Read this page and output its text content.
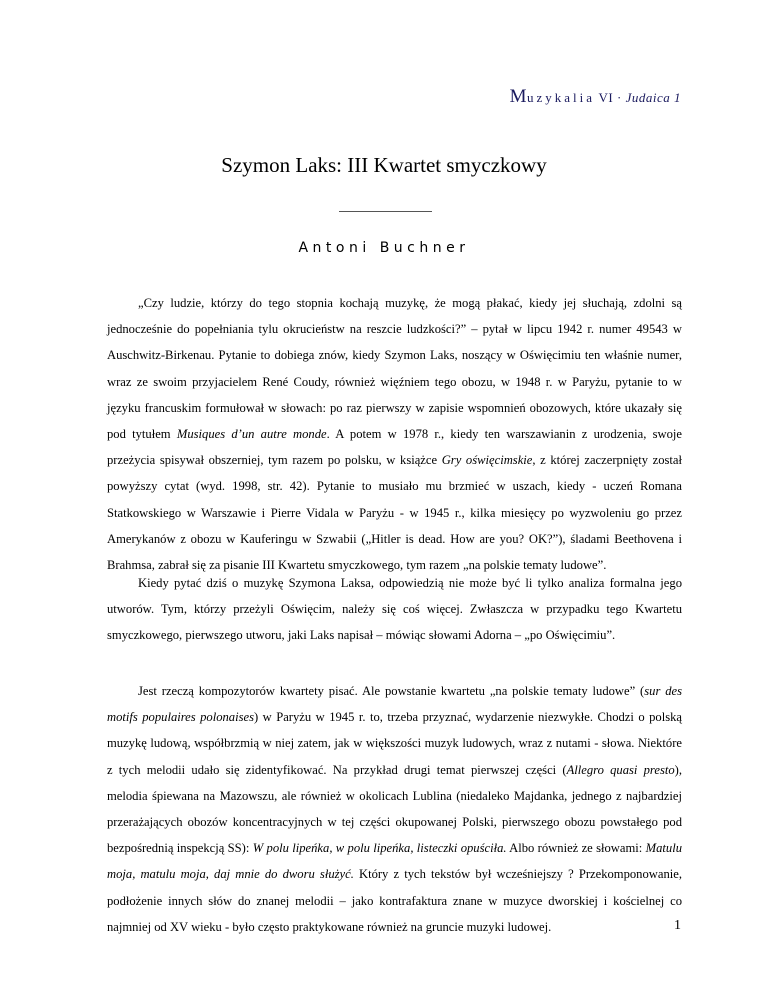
Muzykalia VI · Judaica 1
Szymon Laks: III Kwartet smyczkowy
Antoni Buchner

„Czy ludzie, którzy do tego stopnia kochają muzykę, że mogą płakać, kiedy jej słuchają, zdolni są jednocześnie do popełniania tylu okrucieństw na reszcie ludzkości?” – pytał w lipcu 1942 r. numer 49543 w Auschwitz-Birkenau. Pytanie to dobiega znów, kiedy Szymon Laks, noszący w Oświęcimiu ten właśnie numer, wraz ze swoim przyjacielem René Coudy, również więźniem tego obozu, w 1948 r. w Paryżu, pytanie to w języku francuskim formułował w słowach: po raz pierwszy w zapisie wspomnień obozowych, które ukazały się pod tytułem Musiques d’un autre monde. A potem w 1978 r., kiedy ten warszawianin z urodzenia, swoje przeżycia spisywał obszerniej, tym razem po polsku, w książce Gry oświęcimskie, z której zaczerpnięty został powyższy cytat (wyd. 1998, str. 42). Pytanie to musiało mu brzmieć w uszach, kiedy - uczeń Romana Statkowskiego w Warszawie i Pierre Vidala w Paryżu - w 1945 r., kilka miesięcy po wyzwoleniu go przez Amerykanów z obozu w Kauferingu w Szwabii („Hitler is dead. How are you? OK?”), śladami Beethovena i Brahmsa, zabrał się za pisanie III Kwartetu smyczkowego, tym razem „na polskie tematy ludowe”.

Kiedy pytać dziś o muzykę Szymona Laksa, odpowiedzią nie może być li tylko analiza formalna jego utworów. Tym, którzy przeżyli Oświęcim, należy się coś więcej. Zwłaszcza w przypadku tego Kwartetu smyczkowego, pierwszego utworu, jaki Laks napisał – mówiąc słowami Adorna – „po Oświęcimiu”.

Jest rzeczą kompozytorów kwartety pisać. Ale powstanie kwartetu „na polskie tematy ludowe” (sur des motifs populaires polonaises) w Paryżu w 1945 r. to, trzeba przyznać, wydarzenie niezwykłe. Chodzi o polską muzykę ludową, współbrzmią w niej zatem, jak w większości muzyk ludowych, wraz z nutami - słowa. Niektóre z tych melodii udało się zidentyfikować. Na przykład drugi temat pierwszej części (Allegro quasi presto), melodia śpiewana na Mazowszu, ale również w okolicach Lublina (niedaleko Majdanka, jednego z najbardziej przerażających obozów koncentracyjnych w tej części okupowanej Polski, pierwszego obozu powstałego pod bezpośrednią inspekcją SS): W polu lipeńka, w polu lipeńka, listeczki opuściła. Albo również ze słowami: Matulu moja, matulu moja, daj mnie do dworu służyć. Który z tych tekstów był wcześniejszy ? Przekomponowanie, podłożenie innych słów do znanej melodii – jako kontrafaktura znane w muzyce dworskiej i kościelnej co najmniej od XV wieku - było często praktykowane również na gruncie muzyki ludowej.	1
